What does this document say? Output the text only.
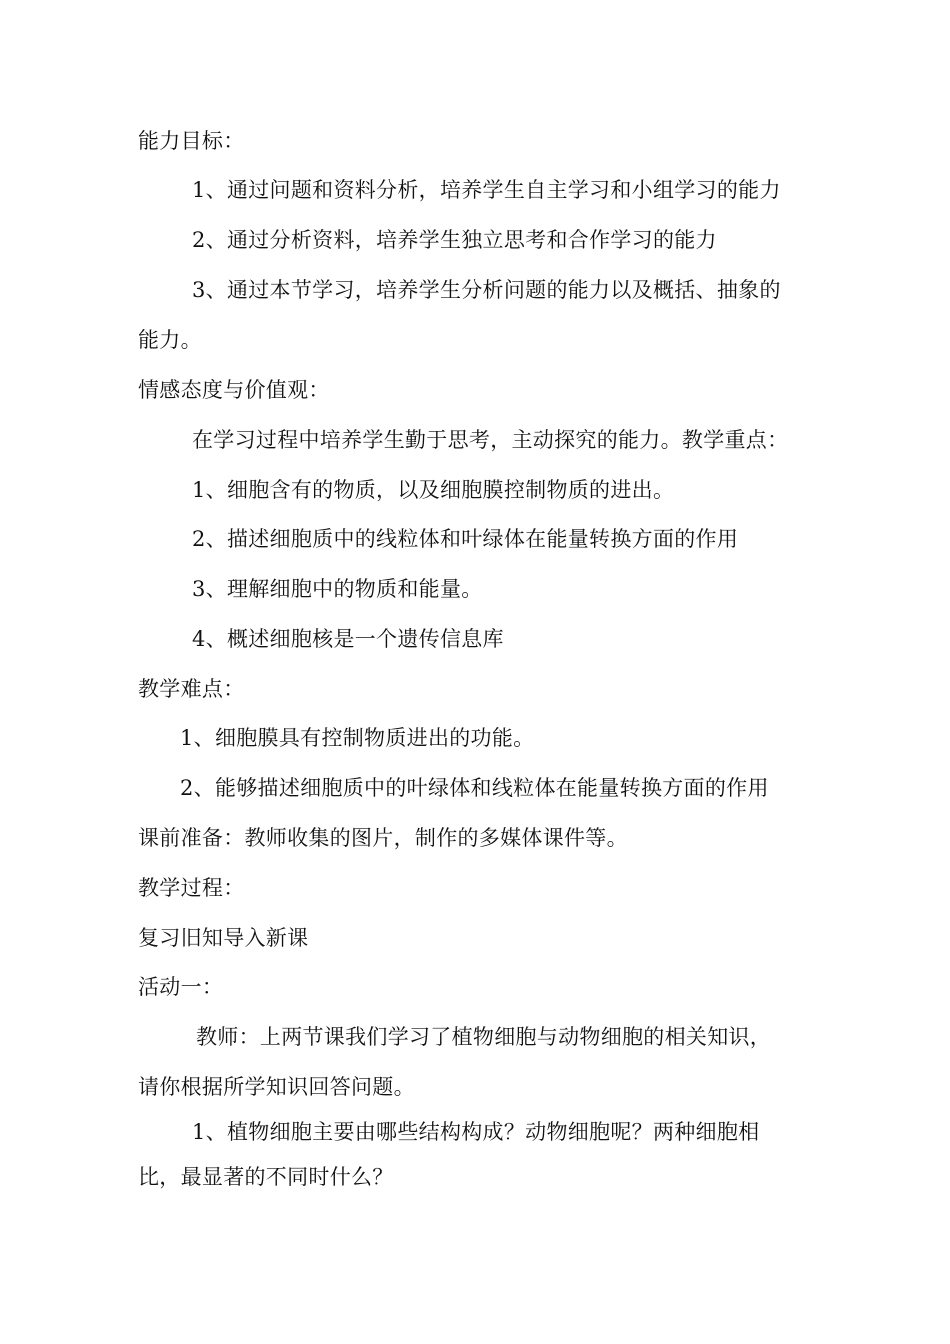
能力目标：
1、通过问题和资料分析，培养学生自主学习和小组学习的能力
2、通过分析资料，培养学生独立思考和合作学习的能力
3、通过本节学习，培养学生分析问题的能力以及概括、抽象的
能力。
情感态度与价值观：
在学习过程中培养学生勤于思考，主动探究的能力。教学重点：
1、细胞含有的物质，以及细胞膜控制物质的进出。
2、描述细胞质中的线粒体和叶绿体在能量转换方面的作用
3、理解细胞中的物质和能量。
4、概述细胞核是一个遗传信息库
教学难点：
1、细胞膜具有控制物质进出的功能。
2、能够描述细胞质中的叶绿体和线粒体在能量转换方面的作用
课前准备：教师收集的图片，制作的多媒体课件等。
教学过程：
复习旧知导入新课
活动一：
教师：上两节课我们学习了植物细胞与动物细胞的相关知识，
请你根据所学知识回答问题。
1、植物细胞主要由哪些结构构成？动物细胞呢？两种细胞相
比，最显著的不同时什么？
